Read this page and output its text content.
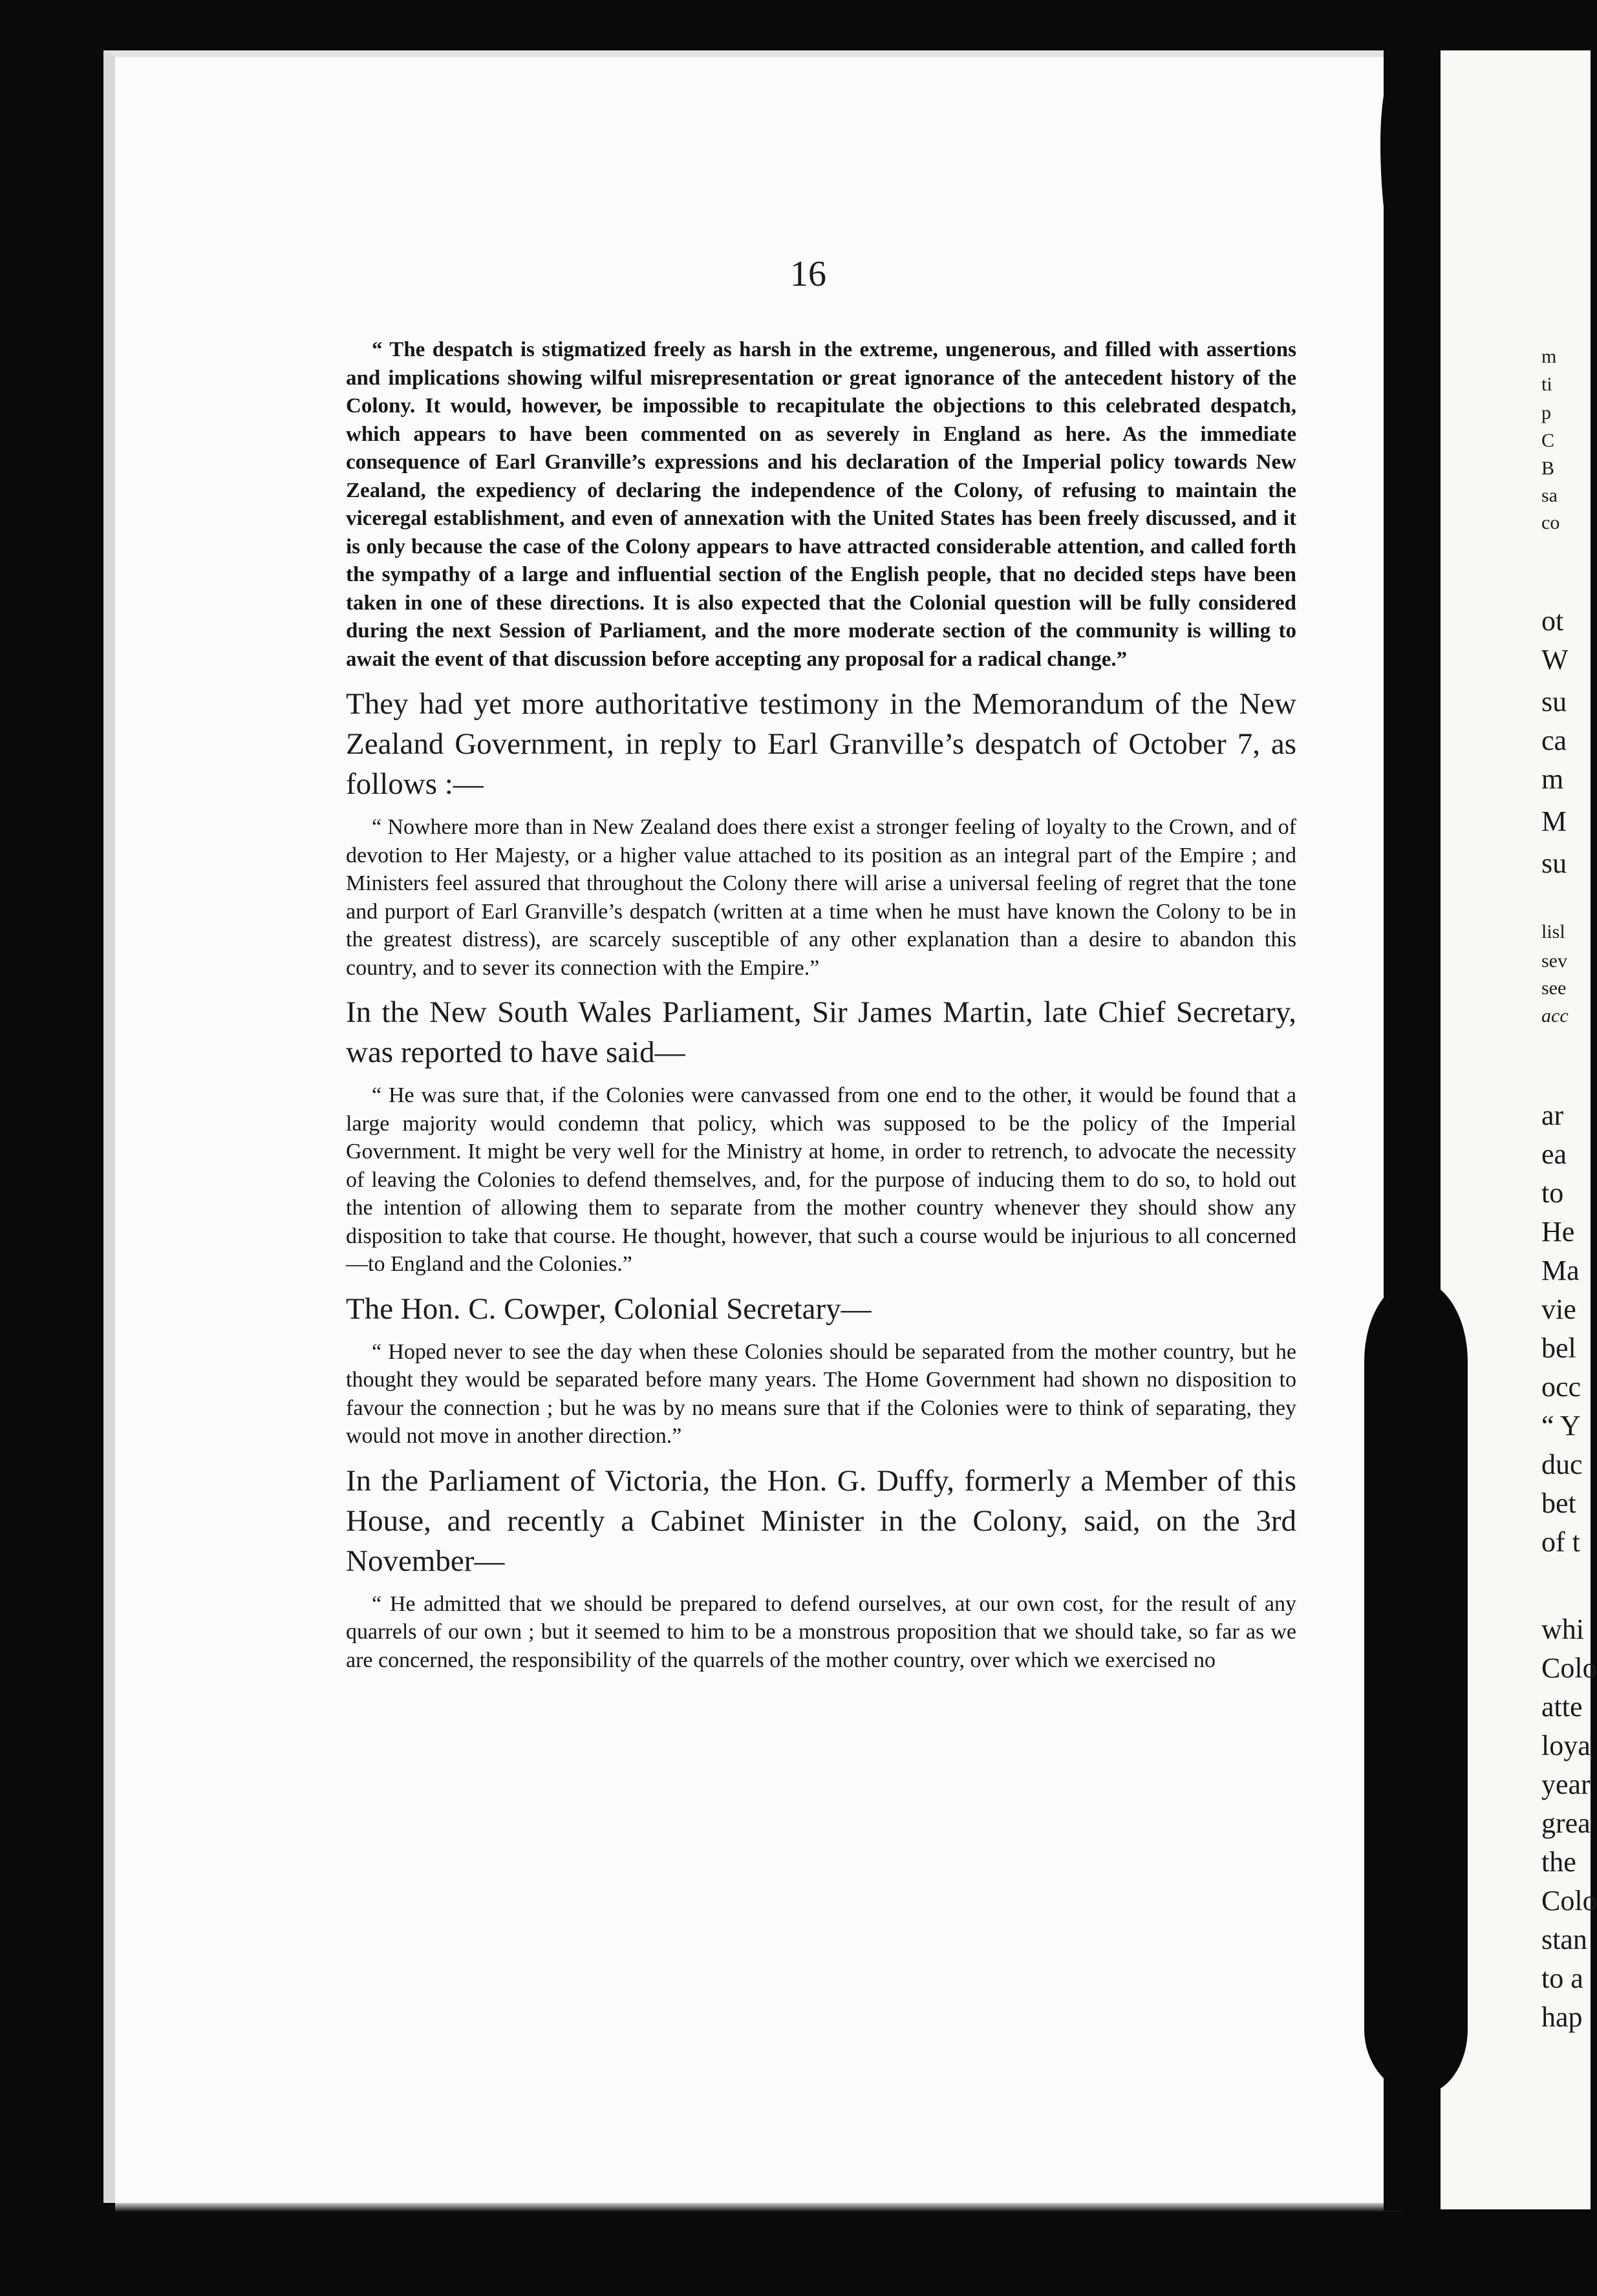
16

“ The despatch is stigmatized freely as harsh in the extreme, ungenerous, and filled with assertions and implications showing wilful misrepresentation or great ignorance of the antecedent history of the Colony. It would, however, be impossible to recapitulate the objections to this celebrated despatch, which appears to have been commented on as severely in England as here. As the immediate consequence of Earl Granville’s expressions and his declaration of the Imperial policy towards New Zealand, the expediency of declaring the independence of the Colony, of refusing to maintain the viceregal establishment, and even of annexation with the United States has been freely discussed, and it is only because the case of the Colony appears to have attracted considerable attention, and called forth the sympathy of a large and influential section of the English people, that no decided steps have been taken in one of these directions. It is also expected that the Colonial question will be fully considered during the next Session of Parliament, and the more moderate section of the community is willing to await the event of that discussion before accepting any proposal for a radical change.”

They had yet more authoritative testimony in the Memorandum of the New Zealand Government, in reply to Earl Granville’s despatch of October 7, as follows :—

“ Nowhere more than in New Zealand does there exist a stronger feeling of loyalty to the Crown, and of devotion to Her Majesty, or a higher value attached to its position as an integral part of the Empire ; and Ministers feel assured that throughout the Colony there will arise a universal feeling of regret that the tone and purport of Earl Granville’s despatch (written at a time when he must have known the Colony to be in the greatest distress), are scarcely susceptible of any other explanation than a desire to abandon this country, and to sever its connection with the Empire.”

In the New South Wales Parliament, Sir James Martin, late Chief Secretary, was reported to have said—

“ He was sure that, if the Colonies were canvassed from one end to the other, it would be found that a large majority would condemn that policy, which was supposed to be the policy of the Imperial Government. It might be very well for the Ministry at home, in order to retrench, to advocate the necessity of leaving the Colonies to defend themselves, and, for the purpose of inducing them to do so, to hold out the intention of allowing them to separate from the mother country whenever they should show any disposition to take that course. He thought, however, that such a course would be injurious to all concerned—to England and the Colonies.”

The Hon. C. Cowper, Colonial Secretary—

“ Hoped never to see the day when these Colonies should be separated from the mother country, but he thought they would be separated before many years. The Home Government had shown no disposition to favour the connection ; but he was by no means sure that if the Colonies were to think of separating, they would not move in another direction.”

In the Parliament of Victoria, the Hon. G. Duffy, formerly a Member of this House, and recently a Cabinet Minister in the Colony, said, on the 3rd November—

“ He admitted that we should be prepared to defend ourselves, at our own cost, for the result of any quarrels of our own ; but it seemed to him to be a monstrous proposition that we should take, so far as we are concerned, the responsibility of the quarrels of the mother country, over which we exercised no

m
ti
p
C
B
sa
co
ot
W
su
ca
m
M
su
lisl
sev
see
acc
ar
ea
to
He
Ma
vie
bel
occ
“ Y
duc
bet
of t
whi
Colo
atte
loya
year
grea
the
Colo
stan
to a
hap
